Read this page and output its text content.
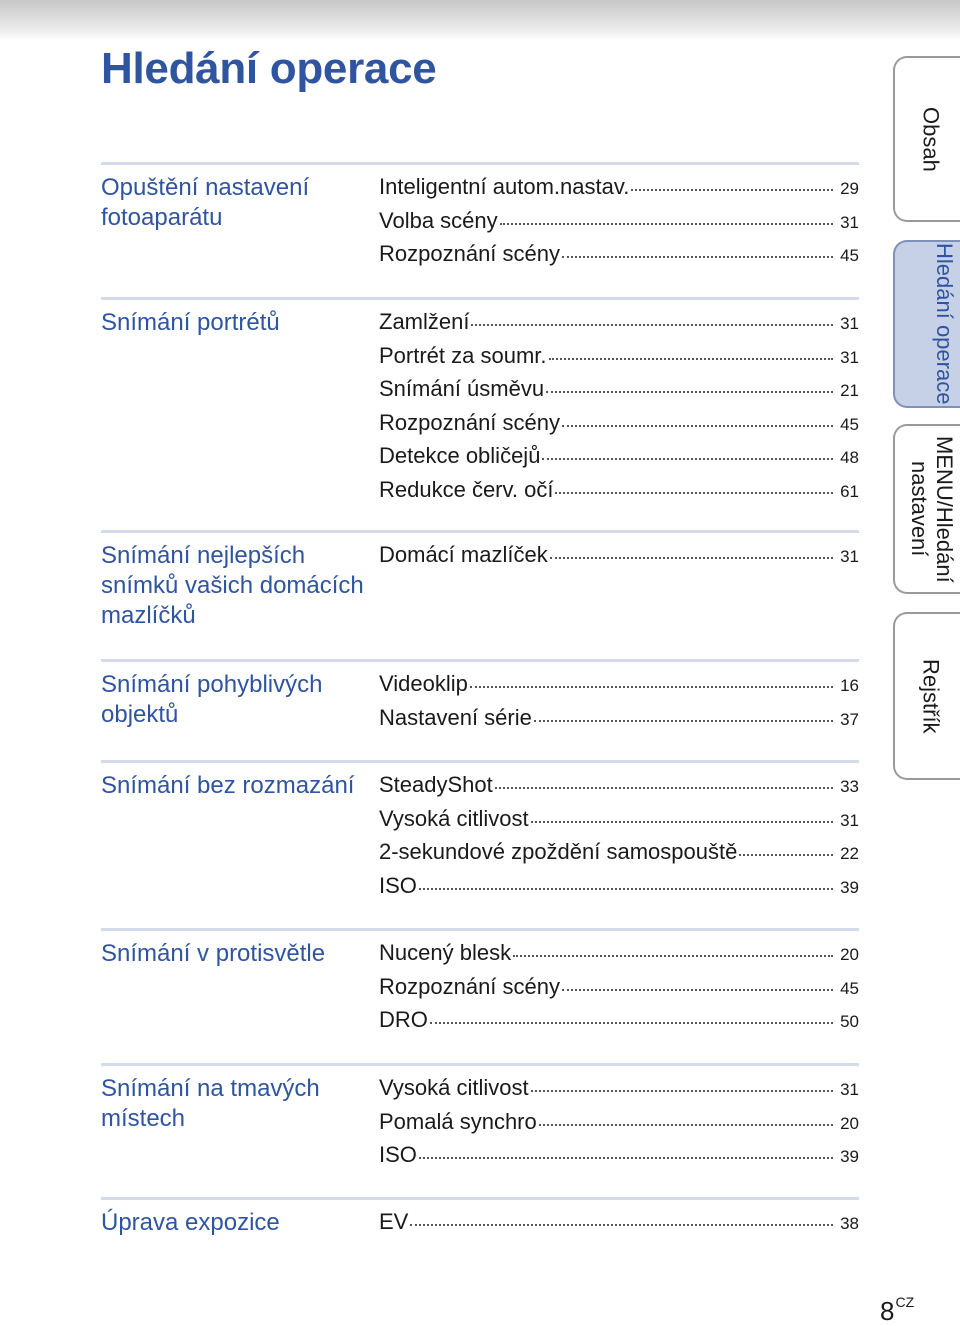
Hledání operace
Opuštění nastavení fotoaparátu
Inteligentní autom.nastav.	29
Volba scény	31
Rozpoznání scény	45
Snímání portrétů	Zamlžení	31
Portrét za soumr.	31
Snímání úsměvu	21
Rozpoznání scény	45
Detekce obličejů	48
Redukce červ. očí	61
Snímání nejlepších snímků vašich domácích mazlíčků
Domácí mazlíček	31
Snímání pohyblivých objektů
Videoklip	16
Nastavení série	37
Snímání bez rozmazání	SteadyShot	33
Vysoká citlivost	31
2-sekundové zpoždění samospouště	22
ISO	39
Snímání v protisvětle	Nucený blesk	20
Rozpoznání scény	45
DRO	50
Snímání na tmavých místech
Vysoká citlivost	31
Pomalá synchro	20
ISO	39
Úprava expozice	EV	38
Obsah
Hledání operace
MENU/Hledání nastavení
Rejstřík
$8^{CZ}$
